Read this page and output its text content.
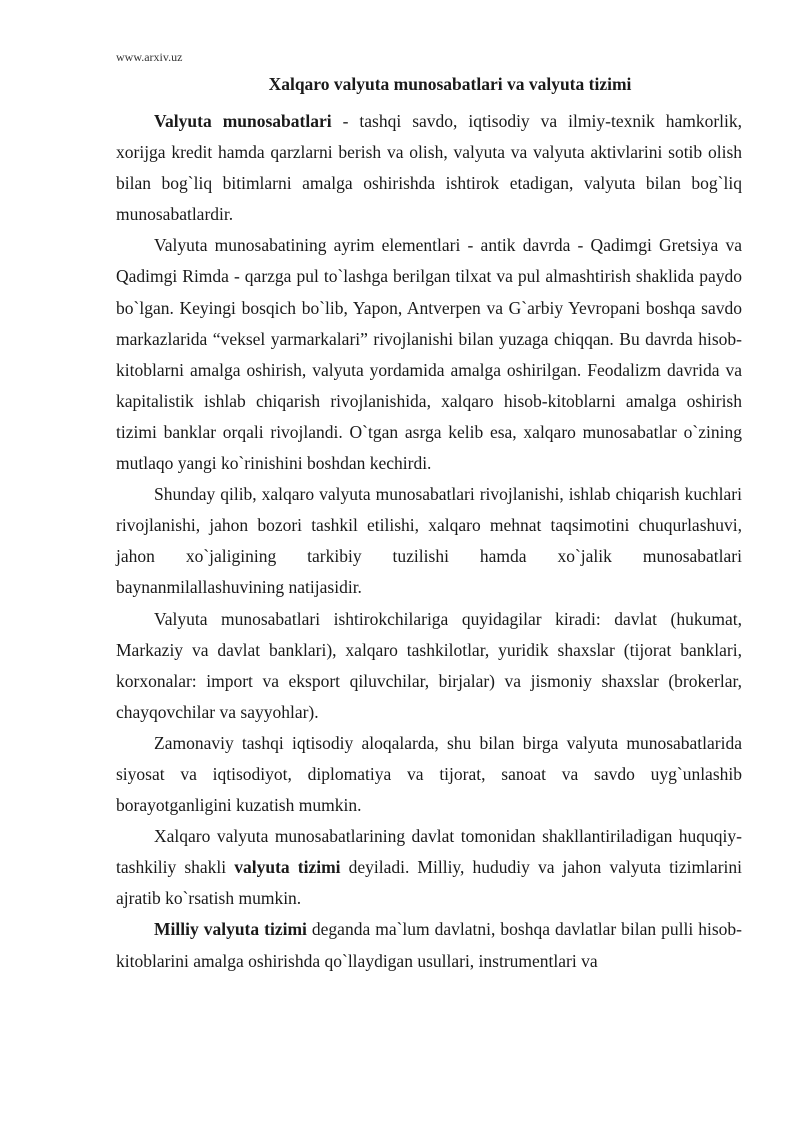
www.arxiv.uz
Xalqaro valyuta munosabatlari va valyuta tizimi

Valyuta munosabatlari - tashqi savdo, iqtisodiy va ilmiy-texnik hamkorlik, xorijga kredit hamda qarzlarni berish va olish, valyuta va valyuta aktivlarini sotib olish bilan bog`liq bitimlarni amalga oshirishda ishtirok etadigan, valyuta bilan bog`liq munosabatlardir.

Valyuta munosabatining ayrim elementlari - antik davrda - Qadimgi Gretsiya va Qadimgi Rimda - qarzga pul to`lashga berilgan tilxat va pul almashtirish shaklida paydo bo`lgan. Keyingi bosqich bo`lib, Yapon, Antverpen va G`arbiy Yevropani boshqa savdo markazlarida “veksel yarmarkalari” rivojlanishi bilan yuzaga chiqqan. Bu davrda hisob-kitoblarni amalga oshirish, valyuta yordamida amalga oshirilgan. Feodalizm davrida va kapitalistik ishlab chiqarish rivojlanishida, xalqaro hisob-kitoblarni amalga oshirish tizimi banklar orqali rivojlandi. O`tgan asrga kelib esa, xalqaro munosabatlar o`zining mutlaqo yangi ko`rinishini boshdan kechirdi.

Shunday qilib, xalqaro valyuta munosabatlari rivojlanishi, ishlab chiqarish kuchlari rivojlanishi, jahon bozori tashkil etilishi, xalqaro mehnat taqsimotini chuqurlashuvi, jahon xo`jaligining tarkibiy tuzilishi hamda xo`jalik munosabatlari baynanmilallashuvining natijasidir.

Valyuta munosabatlari ishtirokchilariga quyidagilar kiradi: davlat (hukumat, Markaziy va davlat banklari), xalqaro tashkilotlar, yuridik shaxslar (tijorat banklari, korxonalar: import va eksport qiluvchilar, birjalar) va jismoniy shaxslar (brokerlar, chayqovchilar va sayyohlar).

Zamonaviy tashqi iqtisodiy aloqalarda, shu bilan birga valyuta munosabatlarida siyosat va iqtisodiyot, diplomatiya va tijorat, sanoat va savdo uyg`unlashib borayotganligini kuzatish mumkin.

Xalqaro valyuta munosabatlarining davlat tomonidan shakllantiriladigan huquqiy-tashkiliy shakli valyuta tizimi deyiladi. Milliy, hududiy va jahon valyuta tizimlarini ajratib ko`rsatish mumkin.

Milliy valyuta tizimi deganda ma`lum davlatni, boshqa davlatlar bilan pulli hisob-kitoblarini amalga oshirishda qo`llaydigan usullari, instrumentlari va
